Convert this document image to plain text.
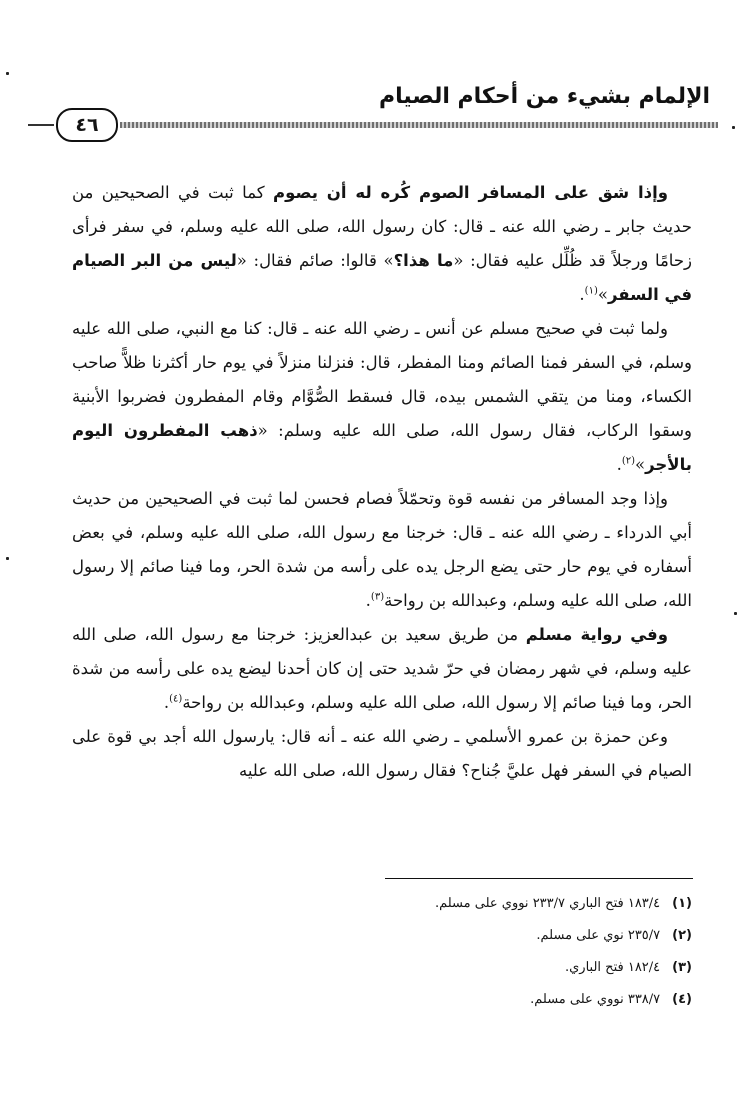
الإلمام بشيء من أحكام الصيام
٤٦

وإذا شق على المسافر الصوم كُره له أن يصوم كما ثبت في الصحيحين من حديث جابر ـ رضي الله عنه ـ قال: كان رسول الله، صلى الله عليه وسلم، في سفر فرأى زحامًا ورجلاً قد ظُلِّل عليه فقال: «ما هذا؟» قالوا: صائم فقال: «ليس من البر الصيام في السفر»$^{(١)}$.

ولما ثبت في صحيح مسلم عن أنس ـ رضي الله عنه ـ قال: كنا مع النبي، صلى الله عليه وسلم، في السفر فمنا الصائم ومنا المفطر، قال: فنزلنا منزلاً في يوم حار أكثرنا ظلاًّ صاحب الكساء، ومنا من يتقي الشمس بيده، قال فسقط الصُّوَّام وقام المفطرون فضربوا الأبنية وسقوا الركاب، فقال رسول الله، صلى الله عليه وسلم: «ذهب المفطرون اليوم بالأجر»$^{(٢)}$.

وإذا وجد المسافر من نفسه قوة وتحمّلاً فصام فحسن لما ثبت في الصحيحين من حديث أبي الدرداء ـ رضي الله عنه ـ قال: خرجنا مع رسول الله، صلى الله عليه وسلم، في بعض أسفاره في يوم حار حتى يضع الرجل يده على رأسه من شدة الحر، وما فينا صائم إلا رسول الله، صلى الله عليه وسلم، وعبدالله بن رواحة$^{(٣)}$.

وفي رواية مسلم من طريق سعيد بن عبدالعزيز: خرجنا مع رسول الله، صلى الله عليه وسلم، في شهر رمضان في حرّ شديد حتى إن كان أحدنا ليضع يده على رأسه من شدة الحر، وما فينا صائم إلا رسول الله، صلى الله عليه وسلم، وعبدالله بن رواحة$^{(٤)}$.

وعن حمزة بن عمرو الأسلمي ـ رضي الله عنه ـ أنه قال: يارسول الله أجد بي قوة على الصيام في السفر فهل عليَّ جُناح؟ فقال رسول الله، صلى الله عليه

(١)
١٨٣/٤ فتح الباري ٢٣٣/٧ نووي على مسلم.
(٢)
٢٣٥/٧ نوي على مسلم.
(٣)
١٨٢/٤ فتح الباري.
(٤)
٣٣٨/٧ نووي على مسلم.
